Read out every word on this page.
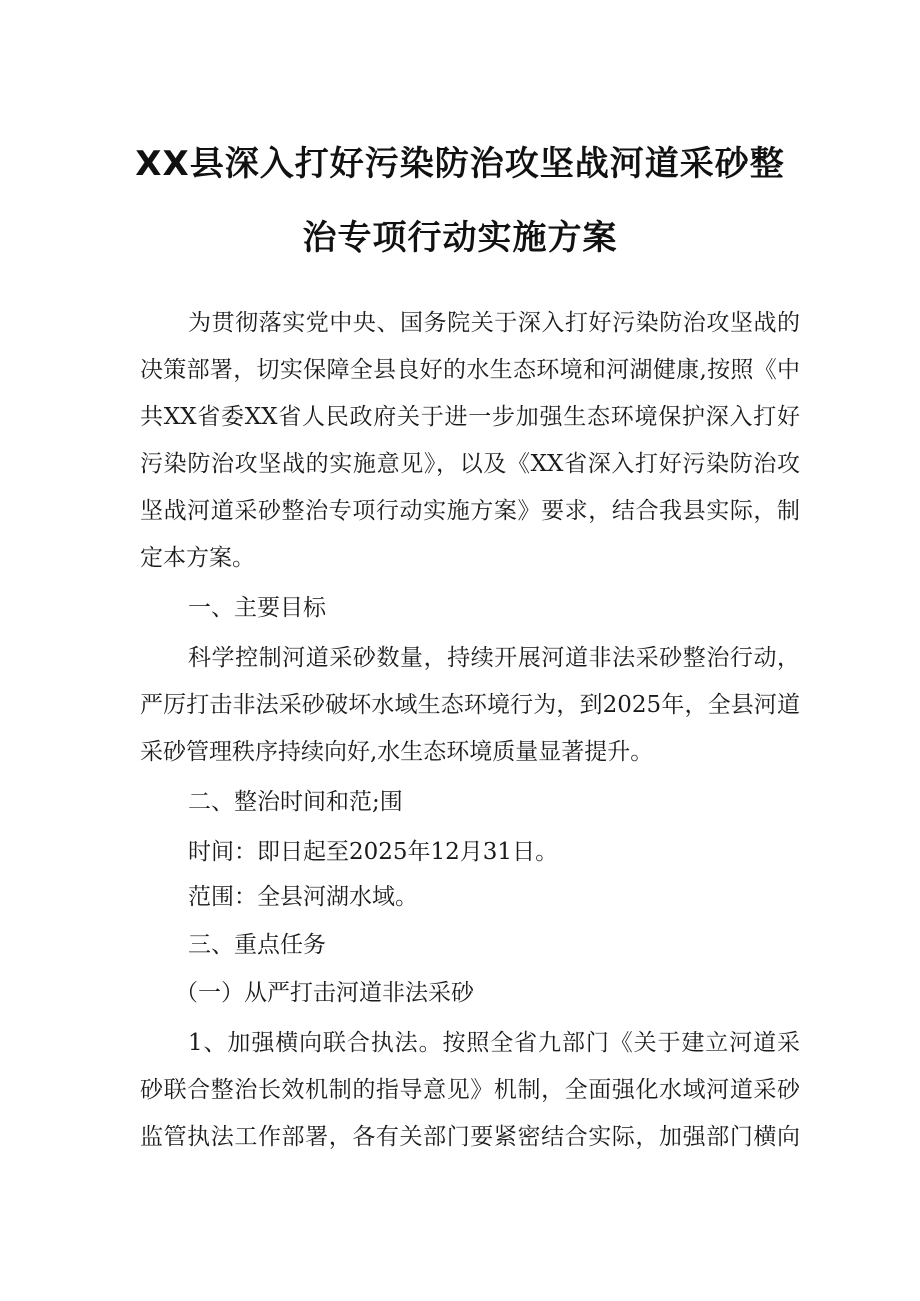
XX县深入打好污染防治攻坚战河道采砂整
治专项行动实施方案
为贯彻落实党中央、国务院关于深入打好污染防治攻坚战的
决策部署，切实保障全县良好的水生态环境和河湖健康,按照《中
共XX省委XX省人民政府关于进一步加强生态环境保护深入打好
污染防治攻坚战的实施意见》，以及《XX省深入打好污染防治攻
坚战河道采砂整治专项行动实施方案》要求，结合我县实际，制
定本方案。
一、主要目标
科学控制河道采砂数量，持续开展河道非法采砂整治行动，
严厉打击非法采砂破坏水域生态环境行为，到2025年，全县河道
采砂管理秩序持续向好,水生态环境质量显著提升。
二、整治时间和范;围
时间：即日起至2025年12月31日。
范围：全县河湖水域。
三、重点任务
（一）从严打击河道非法采砂
1、加强横向联合执法。按照全省九部门《关于建立河道采
砂联合整治长效机制的指导意见》机制，全面强化水域河道采砂
监管执法工作部署，各有关部门要紧密结合实际，加强部门横向
